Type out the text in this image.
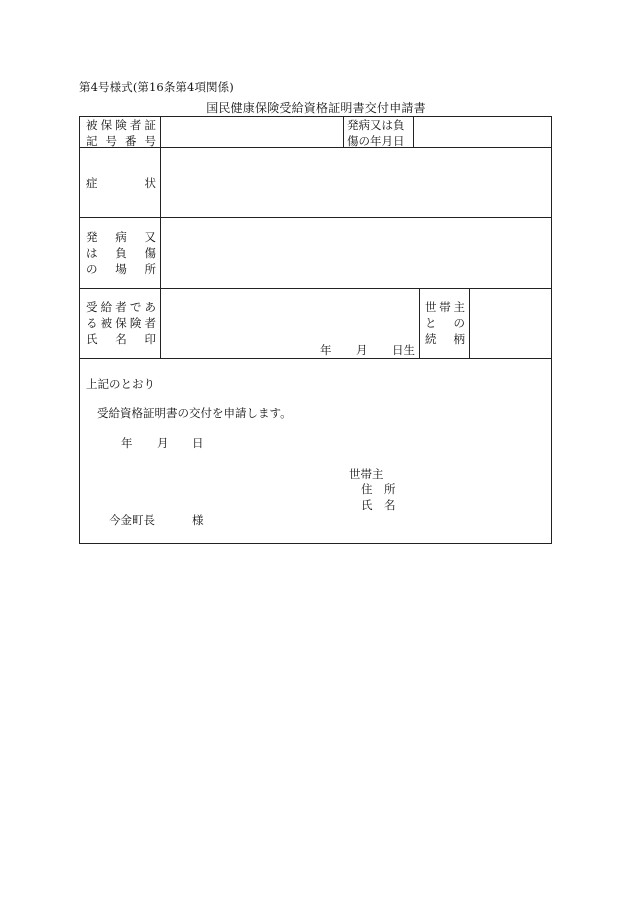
第4号様式(第16条第4項関係)
国民健康保険受給資格証明書交付申請書
被 保 険 者 証
記 号 番 号
発病又は負
傷の年月日
症	状
発 病 又
は 負 傷
の 場 所
受 給 者 で あ
る 被 保 険 者
氏 名 印
年 月 日生
世 帯 主
と の
続 柄
上記のとおり
受給資格証明書の交付を申請します。
年 月 日
世帯主
住　所
氏　名
今金町長	様
